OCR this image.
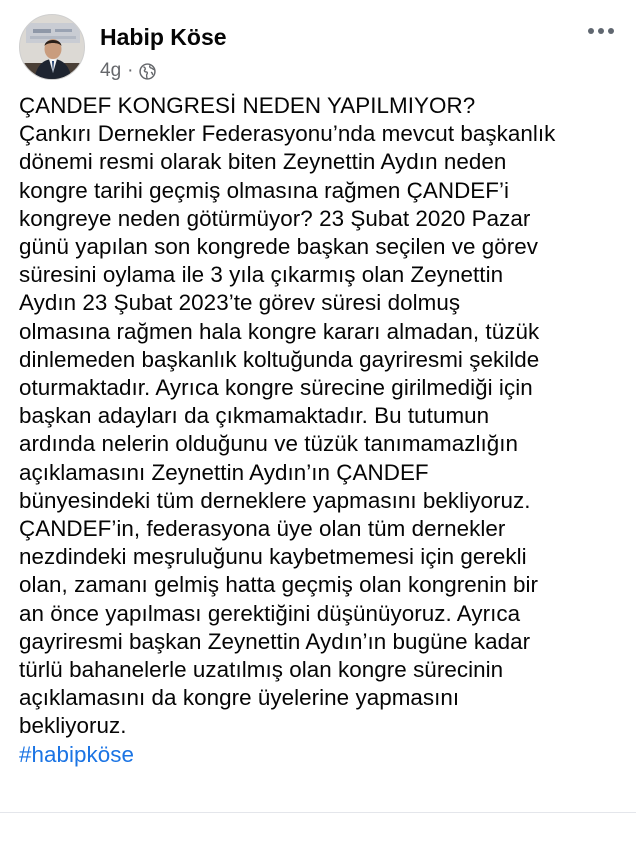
Habip Köse
4g ·
ÇANDEF KONGRESİ NEDEN YAPILMIYOR?
Çankırı Dernekler Federasyonu’nda mevcut başkanlık
dönemi resmi olarak biten Zeynettin Aydın neden
kongre tarihi geçmiş olmasına rağmen ÇANDEF’i
kongreye neden götürmüyor? 23 Şubat 2020 Pazar
günü yapılan son kongrede başkan seçilen ve görev
süresini oylama ile 3 yıla çıkarmış olan Zeynettin
Aydın 23 Şubat 2023’te görev süresi dolmuş
olmasına rağmen hala kongre kararı almadan, tüzük
dinlemeden başkanlık koltuğunda gayriresmi şekilde
oturmaktadır. Ayrıca kongre sürecine girilmediği için
başkan adayları da çıkmamaktadır. Bu tutumun
ardında nelerin olduğunu ve tüzük tanımamazlığın
açıklamasını Zeynettin Aydın’ın ÇANDEF
bünyesindeki tüm derneklere yapmasını bekliyoruz.
ÇANDEF’in, federasyona üye olan tüm dernekler
nezdindeki meşruluğunu kaybetmemesi için gerekli
olan, zamanı gelmiş hatta geçmiş olan kongrenin bir
an önce yapılması gerektiğini düşünüyoruz. Ayrıca
gayriresmi başkan Zeynettin Aydın’ın bugüne kadar
türlü bahanelerle uzatılmış olan kongre sürecinin
açıklamasını da kongre üyelerine yapmasını
bekliyoruz.
#habipköse
